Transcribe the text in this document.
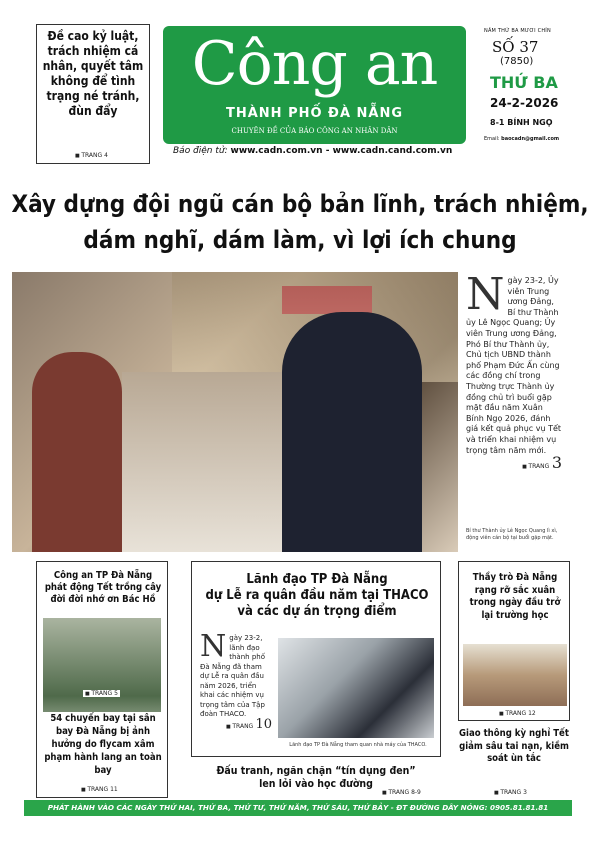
Đề cao kỷ luật, trách nhiệm cá nhân, quyết tâm không để tình trạng né tránh, đùn đẩy
■ TRANG 4
Công an
THÀNH PHỐ ĐÀ NẴNG
CHUYÊN ĐỀ CỦA BÁO CÔNG AN NHÂN DÂN
Báo điện tử: www.cadn.com.vn - www.cadn.cand.com.vn
NĂM THỨ BA MƯƠI CHÍN
SỐ 37
(7850)
THỨ BA
24-2-2026
8-1 BÍNH NGỌ
Email: baocadn@gmail.com
Xây dựng đội ngũ cán bộ bản lĩnh, trách nhiệm,
dám nghĩ, dám làm, vì lợi ích chung
N gày 23-2, Ủy viên Trung ương Đảng, Bí thư Thành ủy Lê Ngọc Quang; Ủy viên Trung ương Đảng, Phó Bí thư Thành ủy, Chủ tịch UBND thành phố Phạm Đức Ấn cùng các đồng chí trong Thường trực Thành ủy đồng chủ trì buổi gặp mặt đầu năm Xuân Bính Ngọ 2026, đánh giá kết quả phục vụ Tết và triển khai nhiệm vụ trọng tâm năm mới.
■ TRANG 3
Bí thư Thành ủy Lê Ngọc Quang lì xì, động viên cán bộ tại buổi gặp mặt.
Công an TP Đà Nẵng phát động Tết trồng cây đời đời nhớ ơn Bác Hồ
■ TRANG 5
54 chuyến bay tại sân bay Đà Nẵng bị ảnh hưởng do flycam xâm phạm hành lang an toàn bay
■ TRANG 11
Lãnh đạo TP Đà Nẵng
dự Lễ ra quân đầu năm tại THACO
và các dự án trọng điểm
N gày 23-2, lãnh đạo thành phố Đà Nẵng đã tham dự Lễ ra quân đầu năm 2026, triển khai các nhiệm vụ trọng tâm của Tập đoàn THACO.
■ TRANG 10
Lãnh đạo TP Đà Nẵng tham quan nhà máy của THACO.
Đấu tranh, ngăn chặn “tín dụng đen”
len lỏi vào học đường
■ TRANG 8-9
Thầy trò Đà Nẵng rạng rỡ sắc xuân trong ngày đầu trở lại trường học
■ TRANG 12
Giao thông kỳ nghỉ Tết giảm sâu tai nạn, kiềm soát ùn tắc
■ TRANG 3
PHÁT HÀNH VÀO CÁC NGÀY THỨ HAI, THỨ BA, THỨ TƯ, THỨ NĂM, THỨ SÁU, THỨ BẢY - ĐT ĐƯỜNG DÂY NÓNG: 0905.81.81.81
